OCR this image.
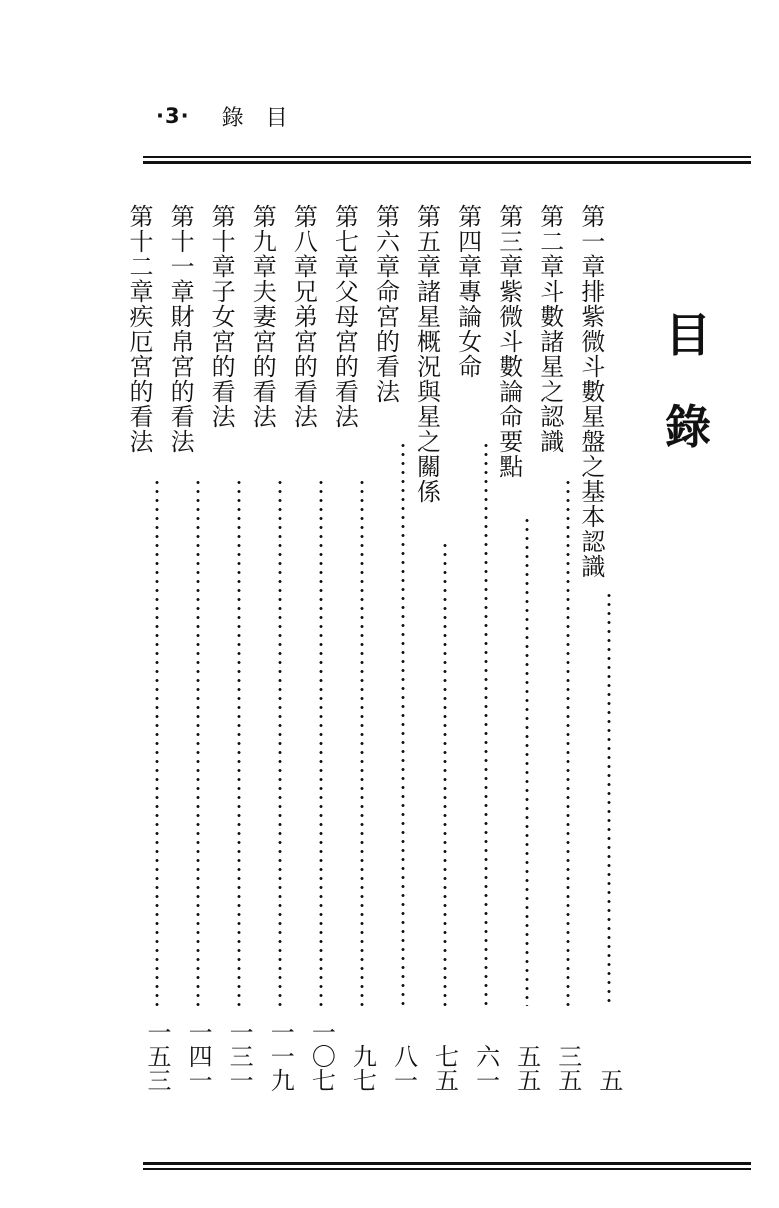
·3· 錄目
目
錄
第一章排紫微斗數星盤之基本認識
五
第二章斗數諸星之認識
三五
第三章紫微斗數論命要點
五五
第四章專論女命
六一
第五章諸星概況與星之關係
七五
第六章命宮的看法
八一
第七章父母宮的看法
九七
第八章兄弟宮的看法
一〇七
第九章夫妻宮的看法
一一九
第十章子女宮的看法
一三一
第十一章財帛宮的看法
一四一
第十二章疾厄宮的看法
一五三
